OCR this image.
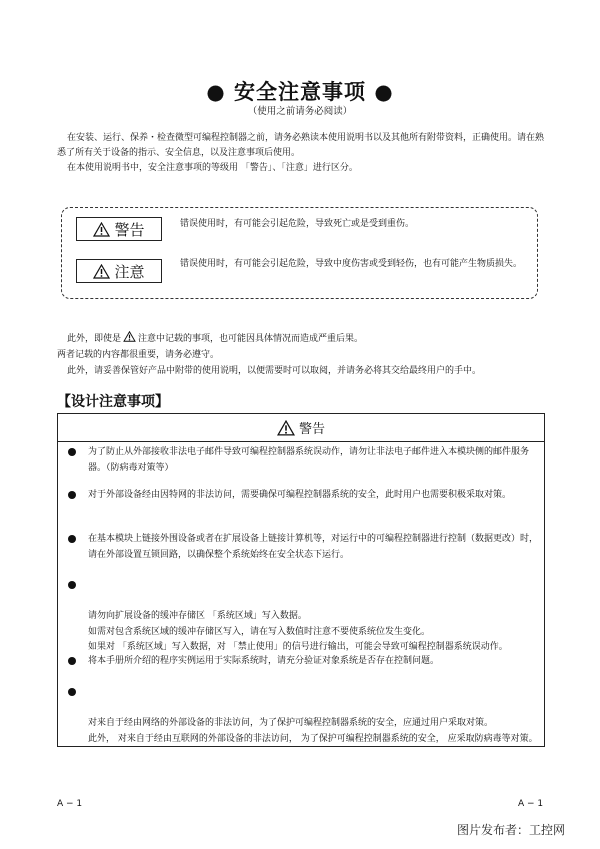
● 安全注意事项 ●
（使用之前请务必阅读）

在安装、运行、保养・检查微型可编程控制器之前，请务必熟读本使用说明书以及其他所有附带资料，正确使用。请在熟悉了所有关于设备的指示、安全信息，以及注意事项后使用。

在本使用说明书中，安全注意事项的等级用 「警告」、「注意」进行区分。

警告	错误使用时，有可能会引起危险，导致死亡或是受到重伤。
注意	错误使用时，有可能会引起危险，导致中度伤害或受到轻伤，也有可能产生物质损失。

此外，即使是 注意中记载的事项，也可能因具体情况而造成严重后果。

两者记载的内容都很重要，请务必遵守。

此外，请妥善保管好产品中附带的使用说明，以便需要时可以取阅，并请务必将其交给最终用户的手中。

【设计注意事项】
警告
为了防止从外部接收非法电子邮件导致可编程控制器系统误动作，请勿让非法电子邮件进入本模块侧的邮件服务器。（防病毒对策等）
对于外部设备经由因特网的非法访问，需要确保可编程控制器系统的安全，此时用户也需要积极采取对策。
在基本模块上链接外围设备或者在扩展设备上链接计算机等，对运行中的可编程控制器进行控制（数据更改）时，请在外部设置互锁回路，以确保整个系统始终在安全状态下运行。

请勿向扩展设备的缓冲存储区 「系统区域」写入数据。
如需对包含系统区域的缓冲存储区写入，请在写入数值时注意不要使系统位发生变化。
如果对 「系统区域」写入数据，对 「禁止使用」的信号进行输出，可能会导致可编程控制器系统误动作。

将本手册所介绍的程序实例运用于实际系统时，请充分验证对象系统是否存在控制问题。

对来自于经由网络的外部设备的非法访问，为了保护可编程控制器系统的安全，应通过用户采取对策。
此外， 对来自于经由互联网的外部设备的非法访问， 为了保护可编程控制器系统的安全， 应采取防病毒等对策。

A − 1	A − 1
图片发布者：工控网
